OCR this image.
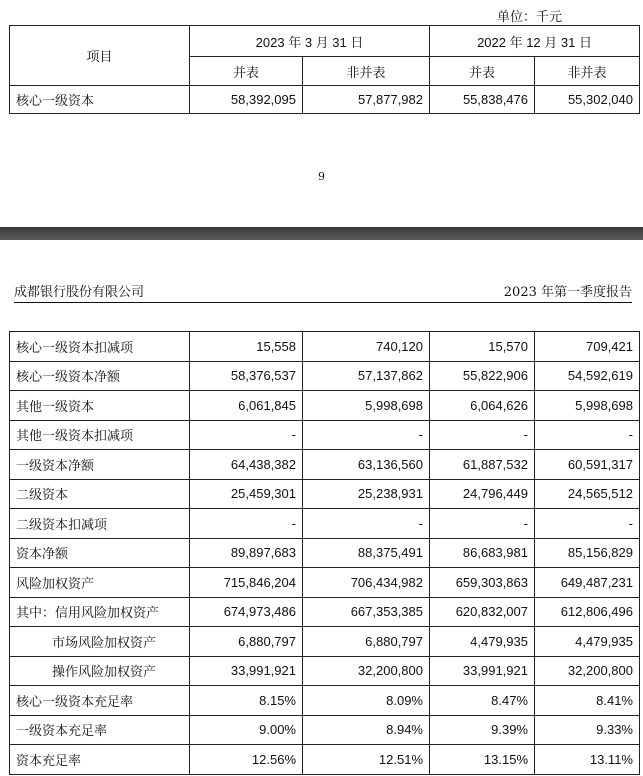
单位：千元
项目	2023 年 3 月 31 日		2022 年 12 月 31 日	
	并表	非并表	并表	非并表
核心一级资本	58,392,095	57,877,982	55,838,476	55,302,040
9
成都银行股份有限公司	2023 年第一季度报告
核心一级资本扣减项	15,558	740,120	15,570	709,421
核心一级资本净额	58,376,537	57,137,862	55,822,906	54,592,619
其他一级资本	6,061,845	5,998,698	6,064,626	5,998,698
其他一级资本扣减项	-	-	-	-
一级资本净额	64,438,382	63,136,560	61,887,532	60,591,317
二级资本	25,459,301	25,238,931	24,796,449	24,565,512
二级资本扣减项	-	-	-	-
资本净额	89,897,683	88,375,491	86,683,981	85,156,829
风险加权资产	715,846,204	706,434,982	659,303,863	649,487,231
其中：信用风险加权资产	674,973,486	667,353,385	620,832,007	612,806,496
市场风险加权资产	6,880,797	6,880,797	4,479,935	4,479,935
操作风险加权资产	33,991,921	32,200,800	33,991,921	32,200,800
核心一级资本充足率	8.15%	8.09%	8.47%	8.41%
一级资本充足率	9.00%	8.94%	9.39%	9.33%
资本充足率	12.56%	12.51%	13.15%	13.11%
